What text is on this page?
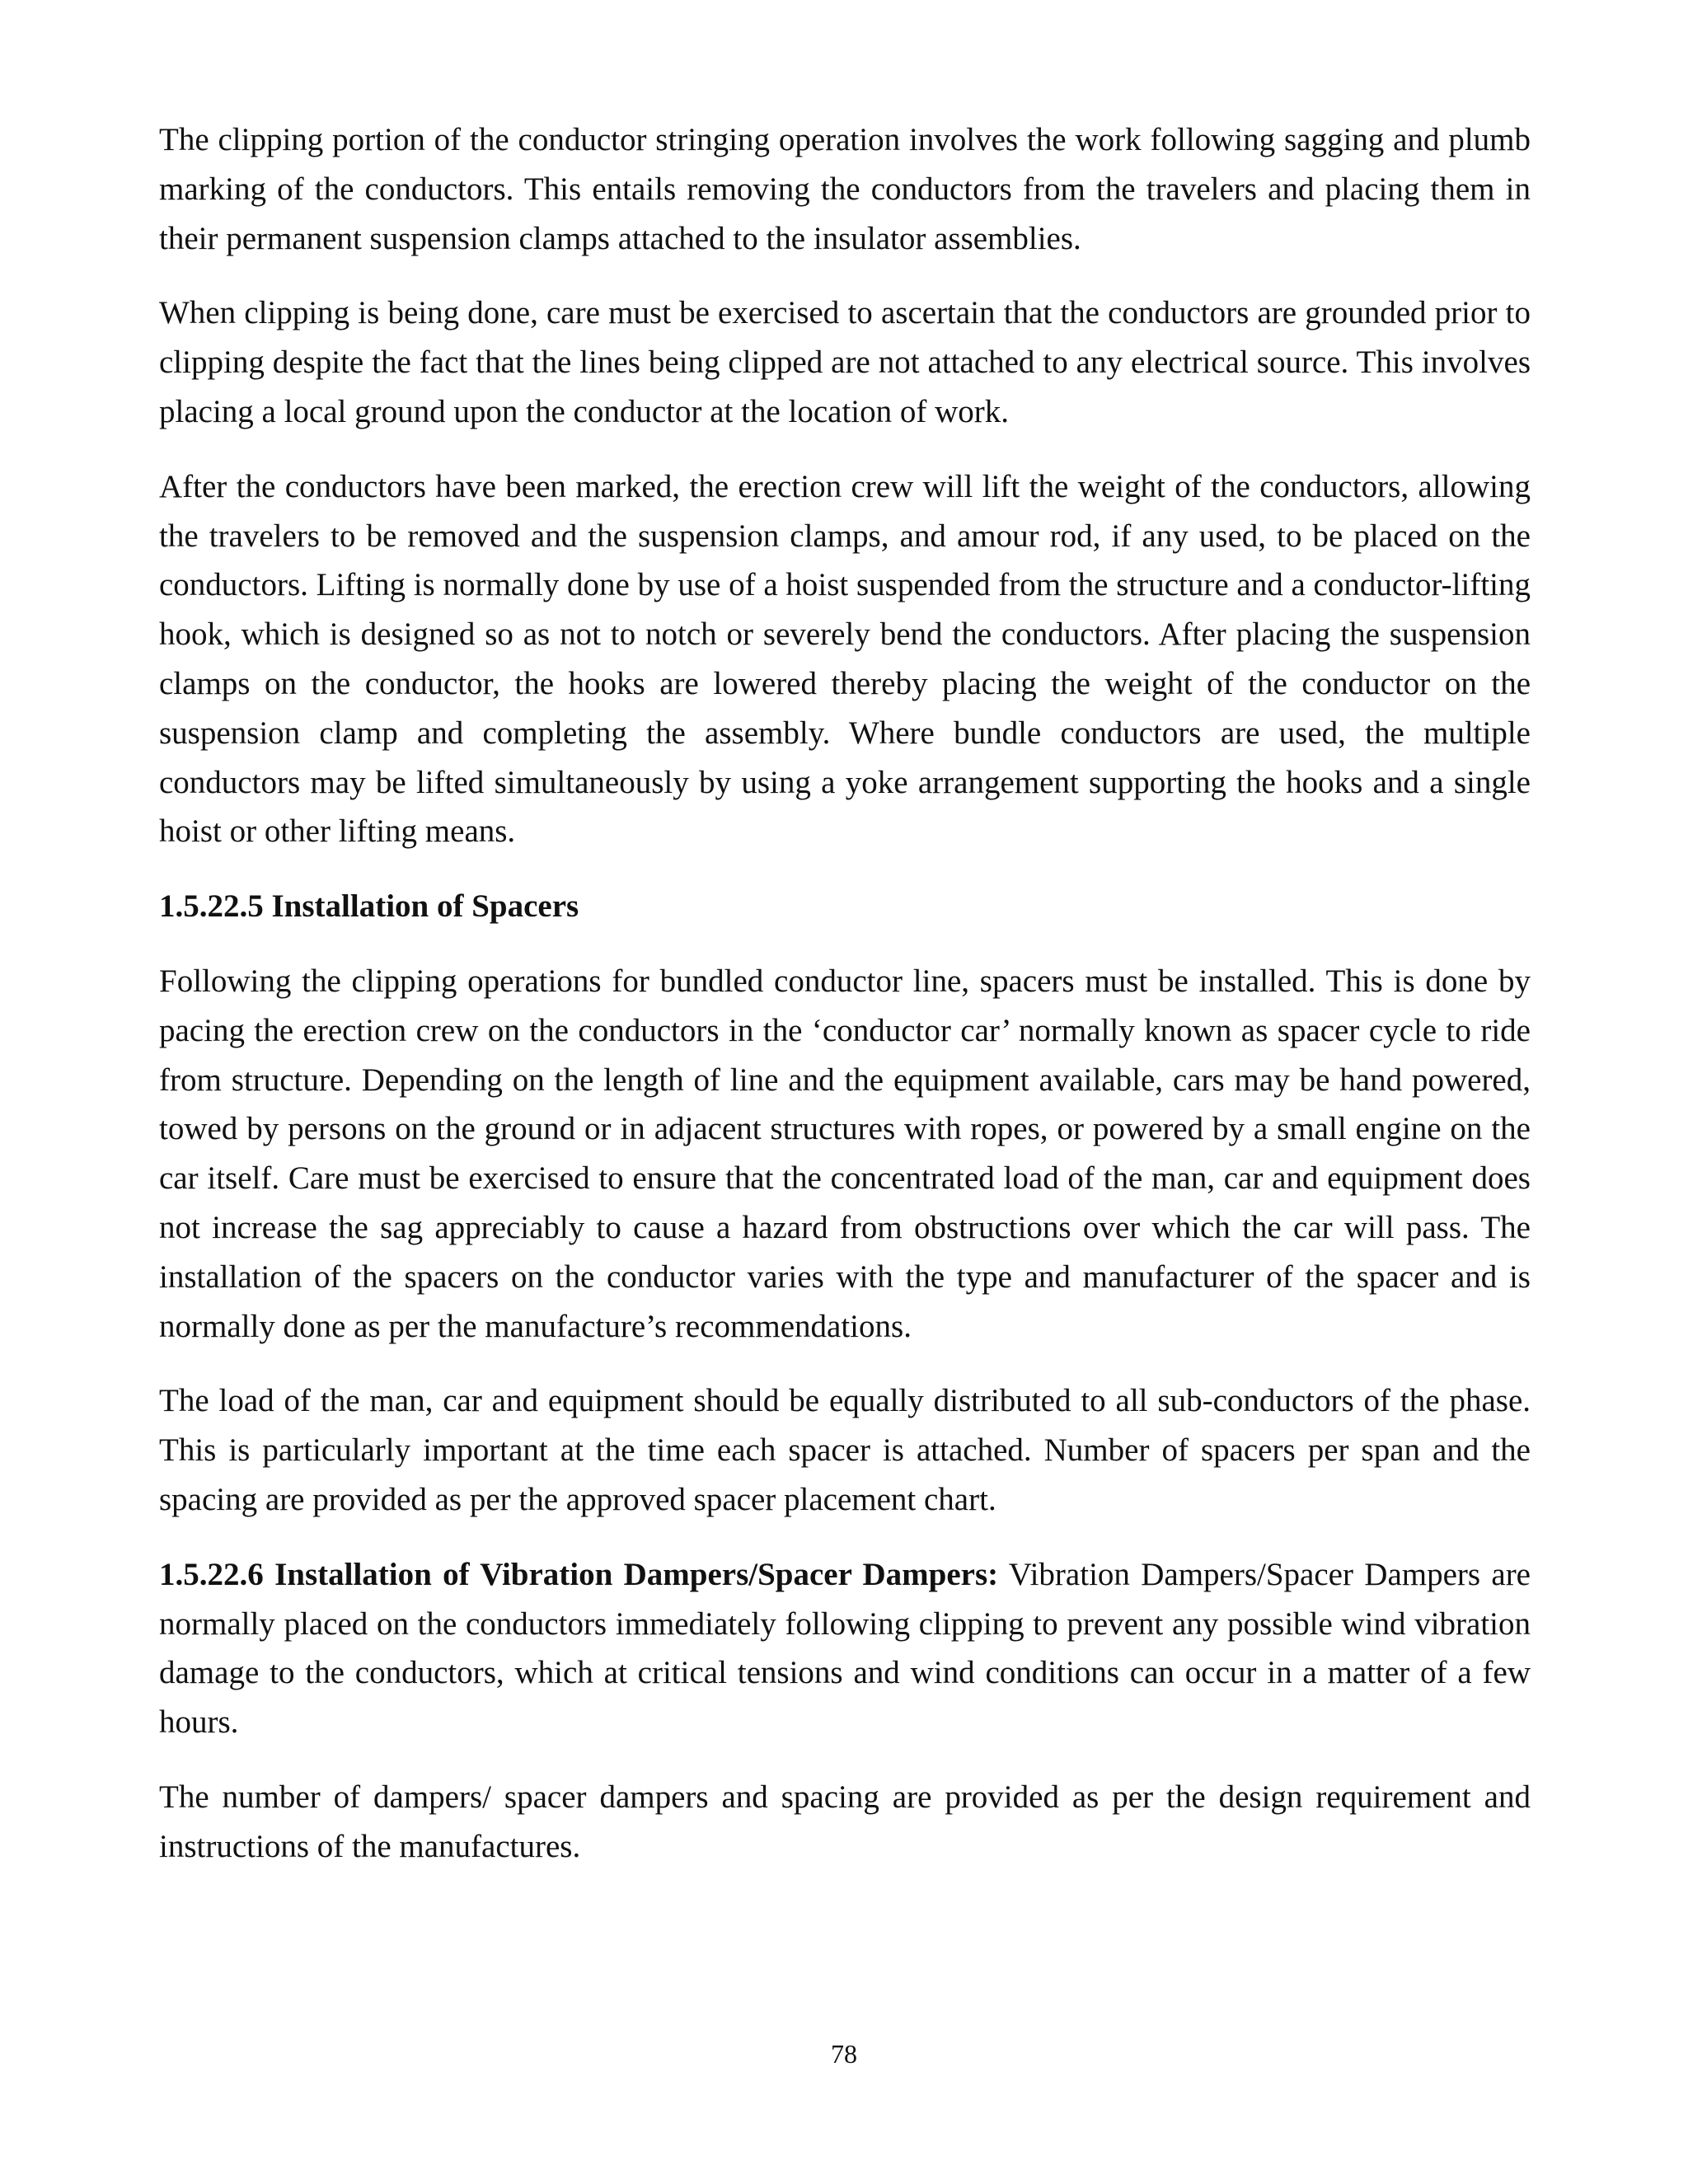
The clipping portion of the conductor stringing operation involves the work following sagging and plumb marking of the conductors. This entails removing the conductors from the travelers and placing them in their permanent suspension clamps attached to the insulator assemblies.

When clipping is being done, care must be exercised to ascertain that the conductors are grounded prior to clipping despite the fact that the lines being clipped are not attached to any electrical source. This involves placing a local ground upon the conductor at the location of work.

After the conductors have been marked, the erection crew will lift the weight of the conductors, allowing the travelers to be removed and the suspension clamps, and amour rod, if any used, to be placed on the conductors. Lifting is normally done by use of a hoist suspended from the structure and a conductor-lifting hook, which is designed so as not to notch or severely bend the conductors. After placing the suspension clamps on the conductor, the hooks are lowered thereby placing the weight of the conductor on the suspension clamp and completing the assembly. Where bundle conductors are used, the multiple conductors may be lifted simultaneously by using a yoke arrangement supporting the hooks and a single hoist or other lifting means.

1.5.22.5 Installation of Spacers

Following the clipping operations for bundled conductor line, spacers must be installed. This is done by pacing the erection crew on the conductors in the ‘conductor car’ normally known as spacer cycle to ride from structure. Depending on the length of line and the equipment available, cars may be hand powered, towed by persons on the ground or in adjacent structures with ropes, or powered by a small engine on the car itself. Care must be exercised to ensure that the concentrated load of the man, car and equipment does not increase the sag appreciably to cause a hazard from obstructions over which the car will pass. The installation of the spacers on the conductor varies with the type and manufacturer of the spacer and is normally done as per the manufacture’s recommendations.

The load of the man, car and equipment should be equally distributed to all sub-conductors of the phase. This is particularly important at the time each spacer is attached. Number of spacers per span and the spacing are provided as per the approved spacer placement chart.

1.5.22.6 Installation of Vibration Dampers/Spacer Dampers: Vibration Dampers/Spacer Dampers are normally placed on the conductors immediately following clipping to prevent any possible wind vibration damage to the conductors, which at critical tensions and wind conditions can occur in a matter of a few hours.

The number of dampers/ spacer dampers and spacing are provided as per the design requirement and instructions of the manufactures.

78
